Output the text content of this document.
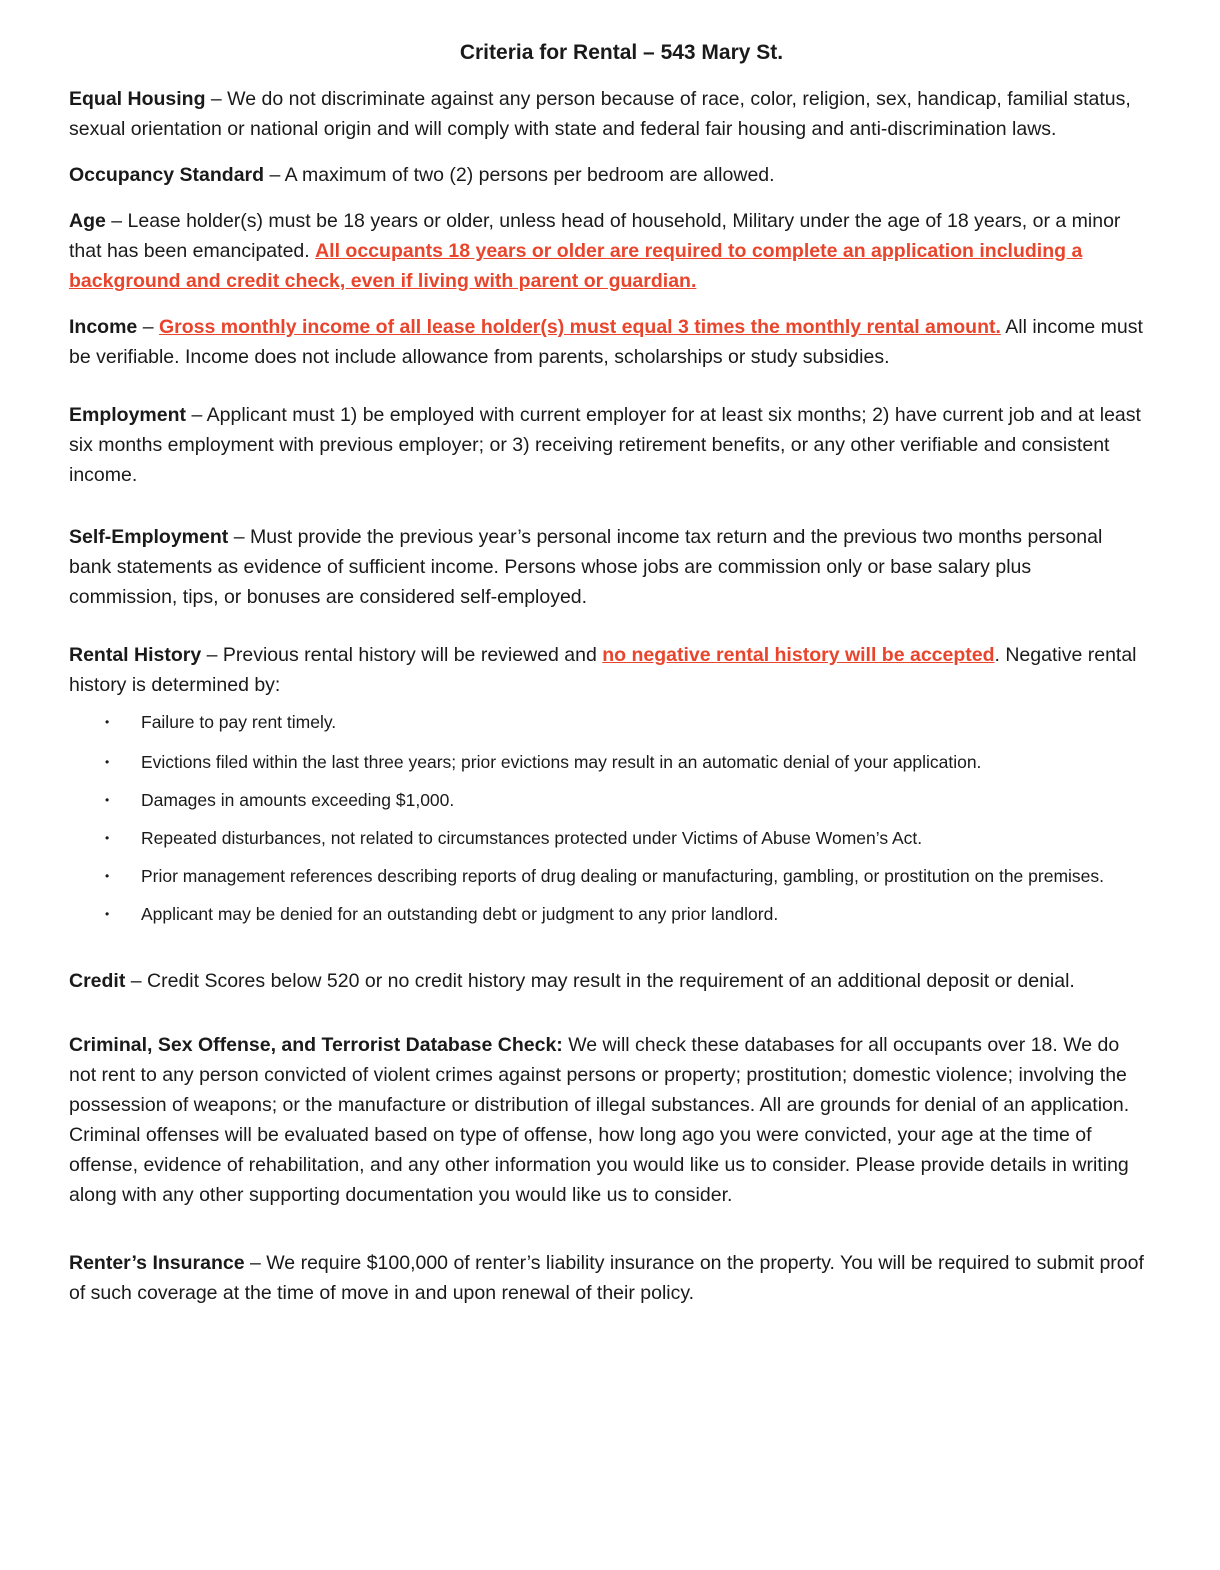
Criteria for Rental – 543 Mary St.

Equal Housing – We do not discriminate against any person because of race, color, religion, sex, handicap, familial status, sexual orientation or national origin and will comply with state and federal fair housing and anti-discrimination laws.

Occupancy Standard – A maximum of two (2) persons per bedroom are allowed.

Age – Lease holder(s) must be 18 years or older, unless head of household, Military under the age of 18 years, or a minor that has been emancipated. All occupants 18 years or older are required to complete an application including a background and credit check, even if living with parent or guardian.

Income – Gross monthly income of all lease holder(s) must equal 3 times the monthly rental amount. All income must be verifiable. Income does not include allowance from parents, scholarships or study subsidies.

Employment – Applicant must 1) be employed with current employer for at least six months; 2) have current job and at least six months employment with previous employer; or 3) receiving retirement benefits, or any other verifiable and consistent income.

Self-Employment – Must provide the previous year’s personal income tax return and the previous two months personal bank statements as evidence of sufficient income. Persons whose jobs are commission only or base salary plus commission, tips, or bonuses are considered self-employed.

Rental History – Previous rental history will be reviewed and no negative rental history will be accepted. Negative rental history is determined by:

• Failure to pay rent timely.
• Evictions filed within the last three years; prior evictions may result in an automatic denial of your application.
• Damages in amounts exceeding $1,000.
• Repeated disturbances, not related to circumstances protected under Victims of Abuse Women’s Act.
• Prior management references describing reports of drug dealing or manufacturing, gambling, or prostitution on the premises.
• Applicant may be denied for an outstanding debt or judgment to any prior landlord.

Credit – Credit Scores below 520 or no credit history may result in the requirement of an additional deposit or denial.

Criminal, Sex Offense, and Terrorist Database Check: We will check these databases for all occupants over 18. We do not rent to any person convicted of violent crimes against persons or property; prostitution; domestic violence; involving the possession of weapons; or the manufacture or distribution of illegal substances. All are grounds for denial of an application. Criminal offenses will be evaluated based on type of offense, how long ago you were convicted, your age at the time of offense, evidence of rehabilitation, and any other information you would like us to consider. Please provide details in writing along with any other supporting documentation you would like us to consider.

Renter’s Insurance – We require $100,000 of renter’s liability insurance on the property. You will be required to submit proof of such coverage at the time of move in and upon renewal of their policy.
